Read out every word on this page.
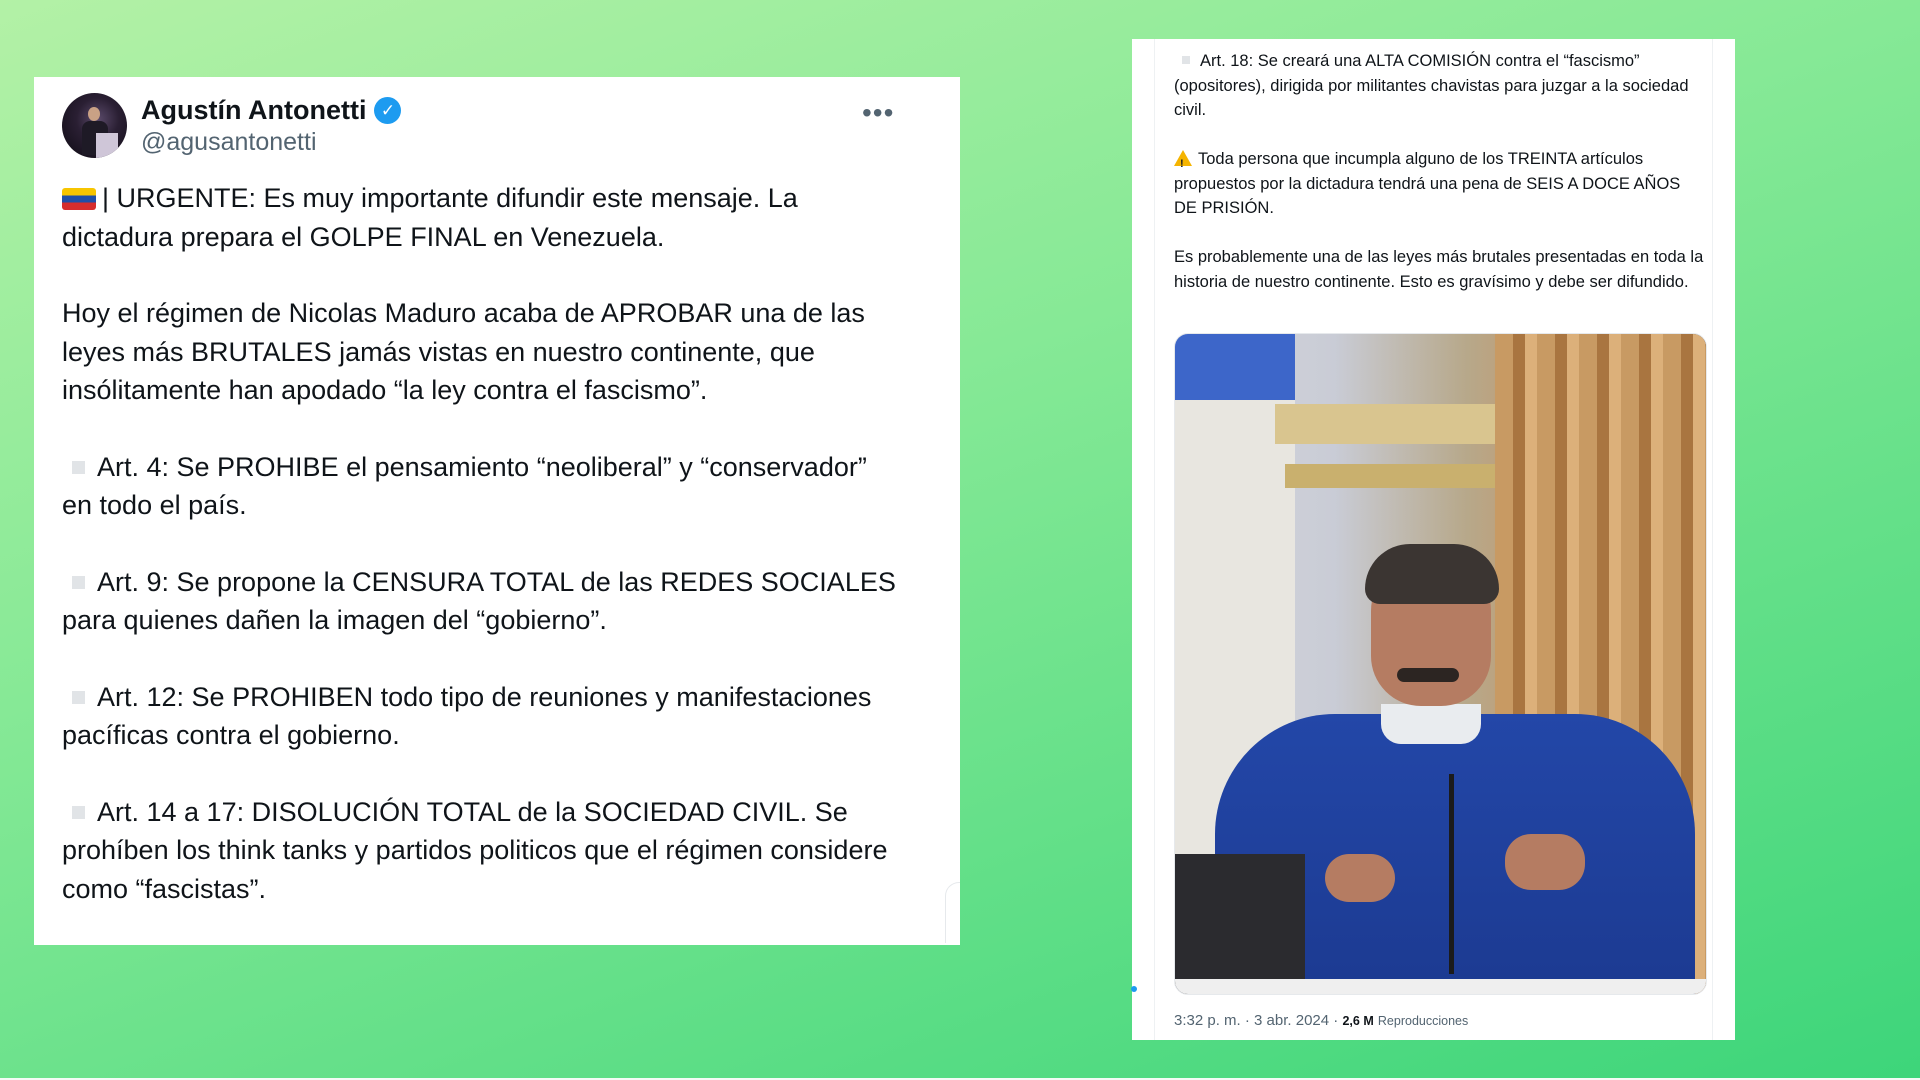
Agustín Antonetti ✓
@agusantonetti
•••

| URGENTE: Es muy importante difundir este mensaje. La dictadura prepara el GOLPE FINAL en Venezuela.

Hoy el régimen de Nicolas Maduro acaba de APROBAR una de las leyes más BRUTALES jamás vistas en nuestro continente, que insólitamente han apodado “la ley contra el fascismo”.

Art. 4: Se PROHIBE el pensamiento “neoliberal” y “conservador” en todo el país.

Art. 9: Se propone la CENSURA TOTAL de las REDES SOCIALES para quienes dañen la imagen del “gobierno”.

Art. 12: Se PROHIBEN todo tipo de reuniones y manifestaciones pacíficas contra el gobierno.

Art. 14 a 17: DISOLUCIÓN TOTAL de la SOCIEDAD CIVIL. Se prohíben los think tanks y partidos politicos que el régimen considere como “fascistas”.

Art. 18: Se creará una ALTA COMISIÓN contra el “fascismo” (opositores), dirigida por militantes chavistas para juzgar a la sociedad civil.

!Toda persona que incumpla alguno de los TREINTA artículos propuestos por la dictadura tendrá una pena de SEIS A DOCE AÑOS DE PRISIÓN.

Es probablemente una de las leyes más brutales presentadas en toda la historia de nuestro continente. Esto es gravísimo y debe ser difundido.

3:32 p. m. · 3 abr. 2024 · 2,6 M Reproducciones
